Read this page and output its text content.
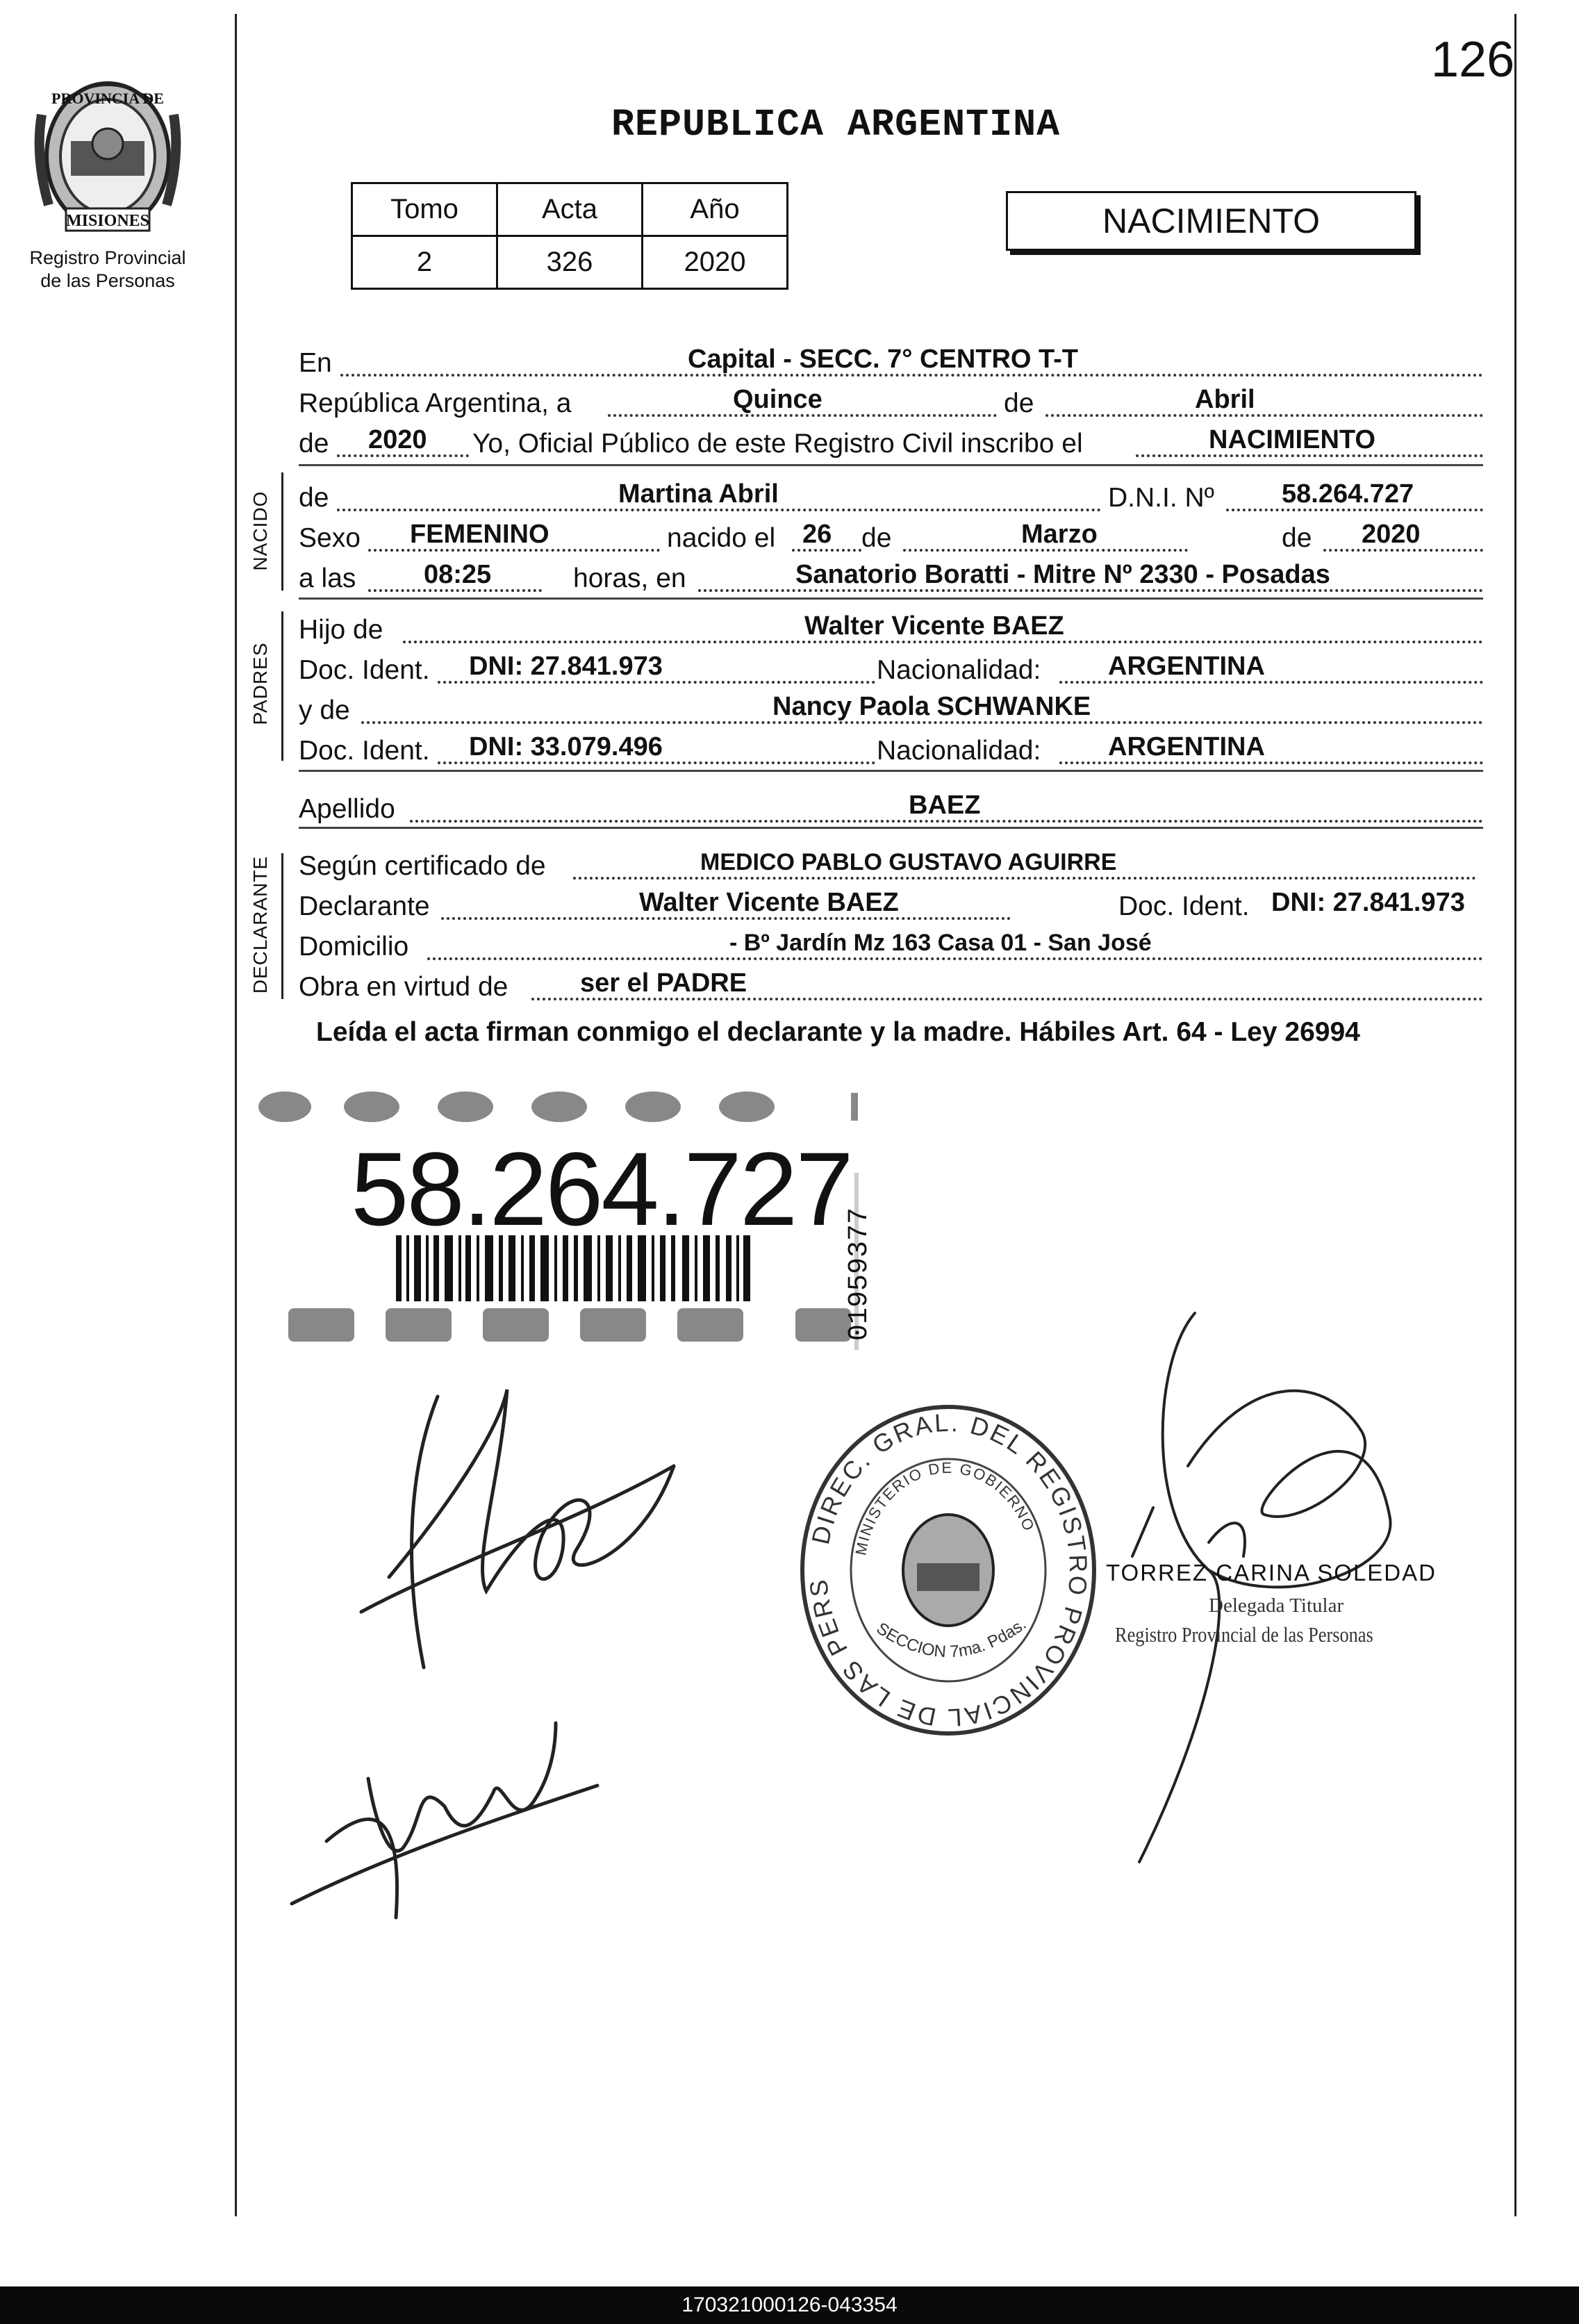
126
PROVINCIA DE
MISIONES
Registro Provincial
de las Personas
REPUBLICA ARGENTINA
Tomo	Acta	Año
2	326	2020
NACIMIENTO
En	Capital - SECC. 7° CENTRO T-T
República Argentina, a	Quince	de	Abril
de 2020 Yo, Oficial Público de este Registro Civil inscribo el	NACIMIENTO
NACIDO de	Martina Abril	D.N.I. Nº	58.264.727
Sexo FEMENINO	nacido el 26 de	Marzo	de 2020
a las	08:25	horas, en	Sanatorio Boratti - Mitre Nº 2330 - Posadas
PADRES
Hijo de	Walter Vicente BAEZ
Doc. Ident. DNI: 27.841.973	Nacionalidad:	ARGENTINA
y de	Nancy Paola SCHWANKE
Doc. Ident. DNI: 33.079.496	Nacionalidad:	ARGENTINA
Apellido	BAEZ
DECLARANTE Según certificado de	MEDICO PABLO GUSTAVO AGUIRRE
Declarante	Walter Vicente BAEZ	Doc. Ident. DNI: 27.841.973
Domicilio	- Bº Jardín Mz 163 Casa 01 - San José
Obra en virtud de	ser el PADRE
Leída el acta firman conmigo el declarante y la madre. Hábiles Art. 64 - Ley 26994
58.264.727
01959377
DIREC. GRAL. DEL REGISTRO PROVINCIAL DE LAS PERS
MINISTERIO DE GOBIERNO
SECCION 7ma. Pdas.
TORREZ CARINA SOLEDAD
Delegada Titular
Registro Provincial de las Personas
170321000126-043354
